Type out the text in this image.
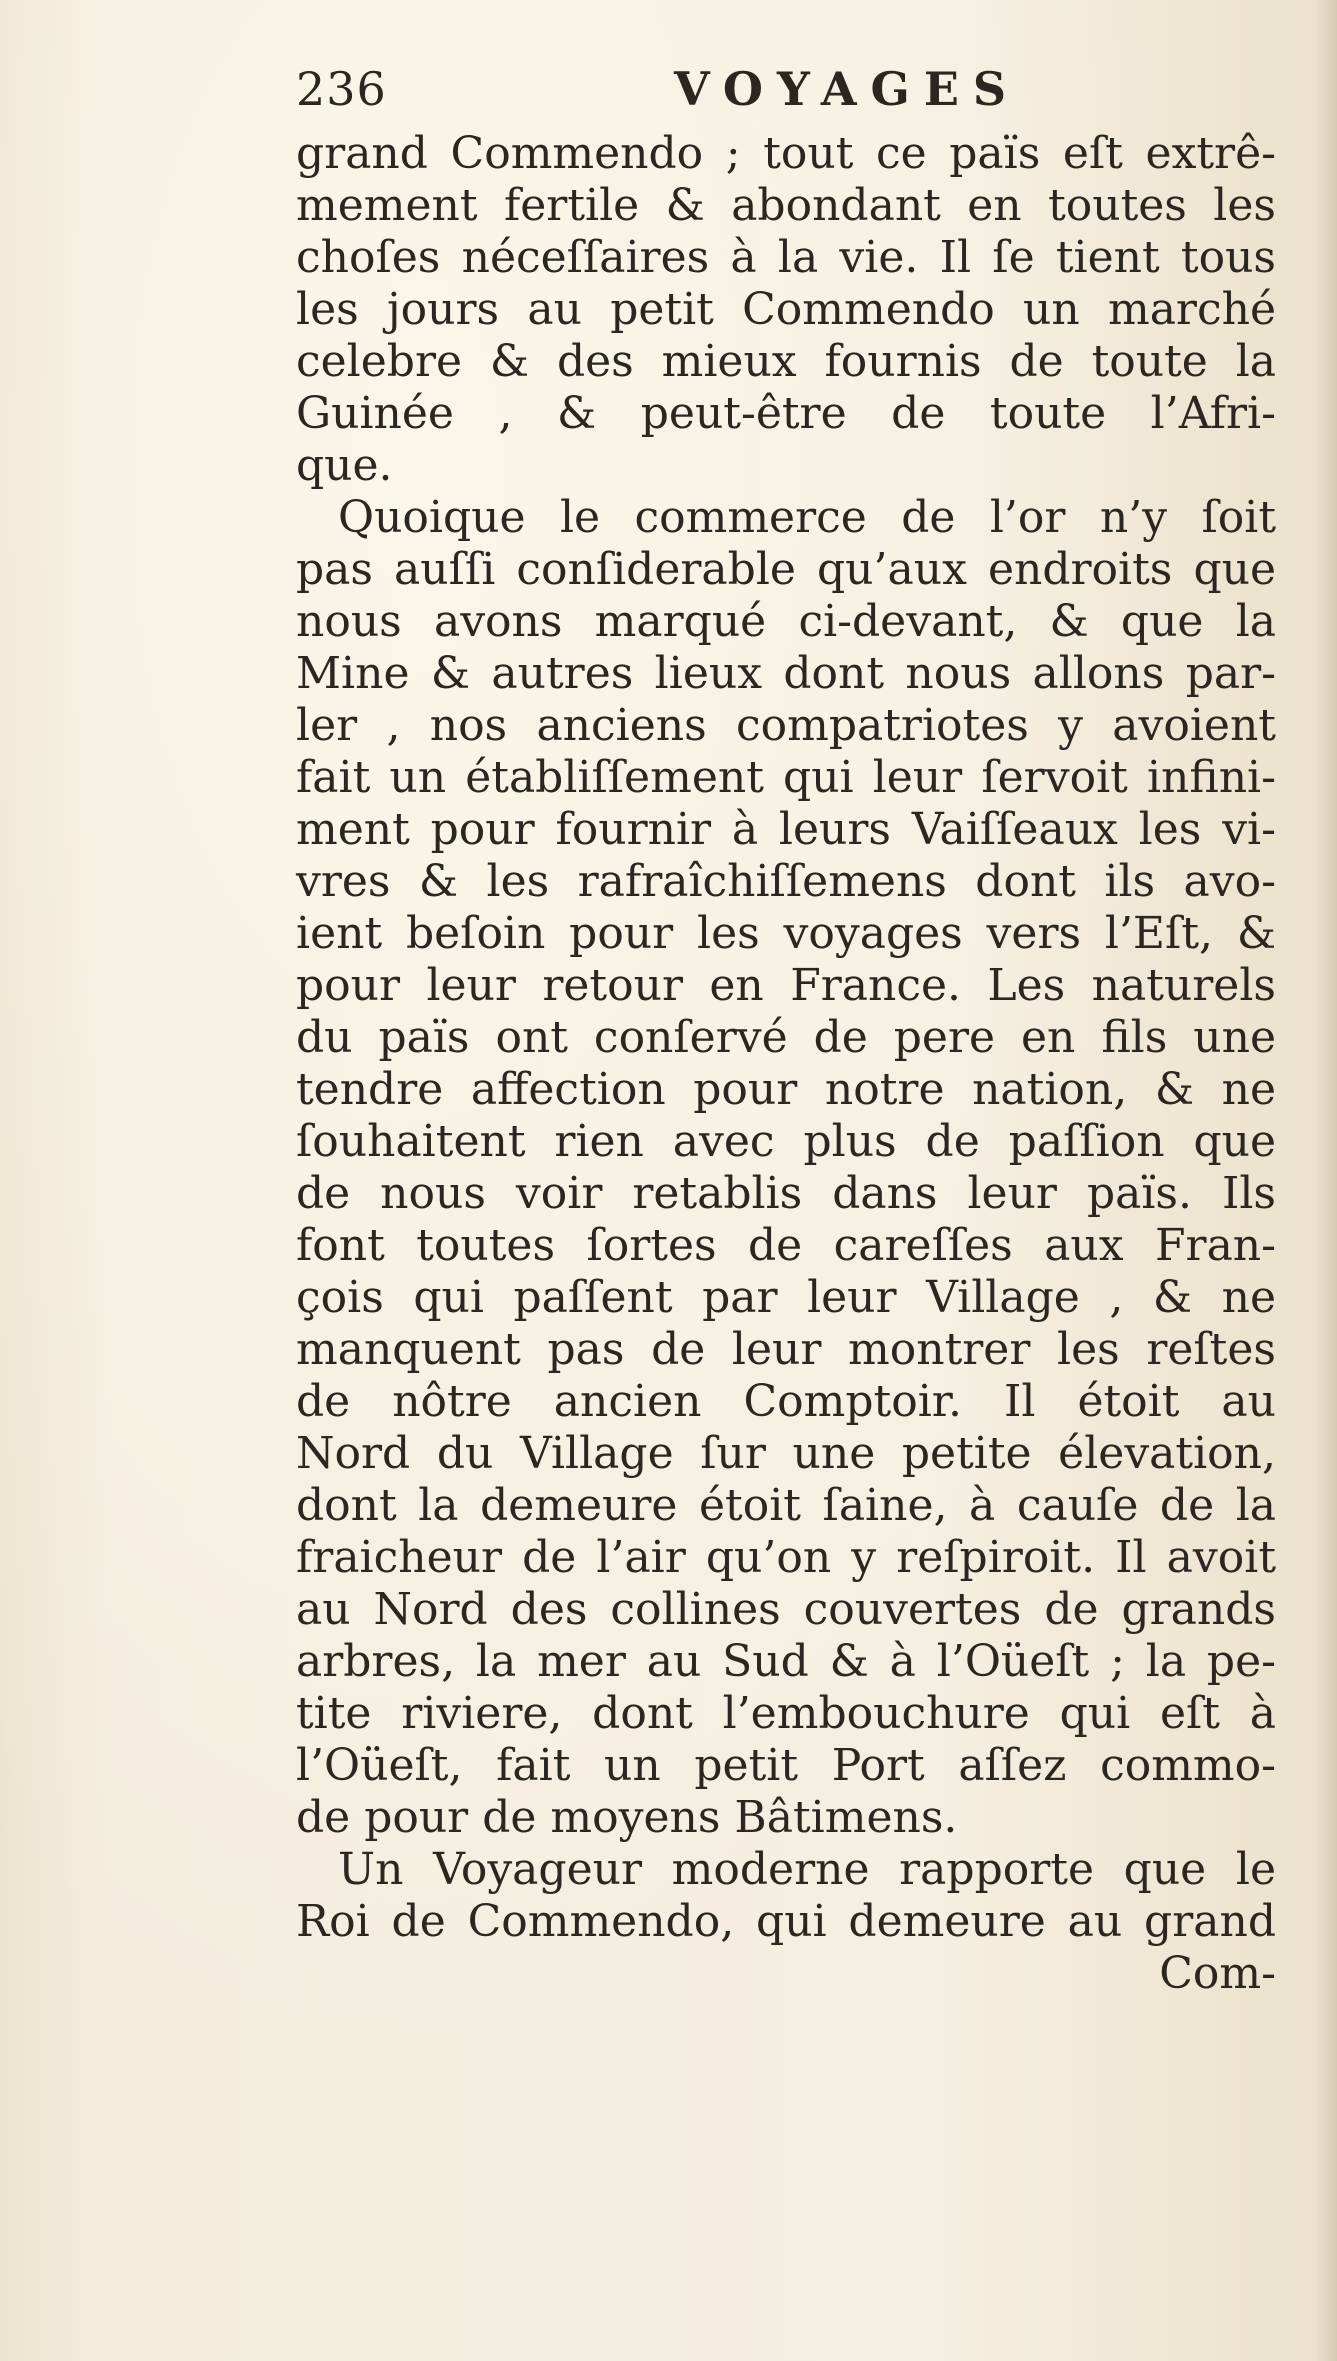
236	VOYAGES
grand Commendo ; tout ce païs eſt extrê-
mement fertile & abondant en toutes les
choſes néceſſaires à la vie. Il ſe tient tous
les jours au petit Commendo un marché
celebre & des mieux fournis de toute la
Guinée , & peut-être de toute l’Afri-
que.
Quoique le commerce de l’or n’y ſoit
pas auſſi conſiderable qu’aux endroits que
nous avons marqué ci-devant, & que la
Mine & autres lieux dont nous allons par-
ler , nos anciens compatriotes y avoient
fait un établiſſement qui leur ſervoit infini-
ment pour fournir à leurs Vaiſſeaux les vi-
vres & les rafraîchiſſemens dont ils avo-
ient beſoin pour les voyages vers l’Eſt, &
pour leur retour en France. Les naturels
du païs ont conſervé de pere en fils une
tendre affection pour notre nation, & ne
ſouhaitent rien avec plus de paſſion que
de nous voir retablis dans leur païs. Ils
font toutes ſortes de careſſes aux Fran-
çois qui paſſent par leur Village , & ne
manquent pas de leur montrer les reſtes
de nôtre ancien Comptoir. Il étoit au
Nord du Village ſur une petite élevation,
dont la demeure étoit ſaine, à cauſe de la
fraicheur de l’air qu’on y reſpiroit. Il avoit
au Nord des collines couvertes de grands
arbres, la mer au Sud & à l’Oüeſt ; la pe-
tite riviere, dont l’embouchure qui eſt à
l’Oüeſt, fait un petit Port aſſez commo-
de pour de moyens Bâtimens.
Un Voyageur moderne rapporte que le
Roi de Commendo, qui demeure au grand
Com-
